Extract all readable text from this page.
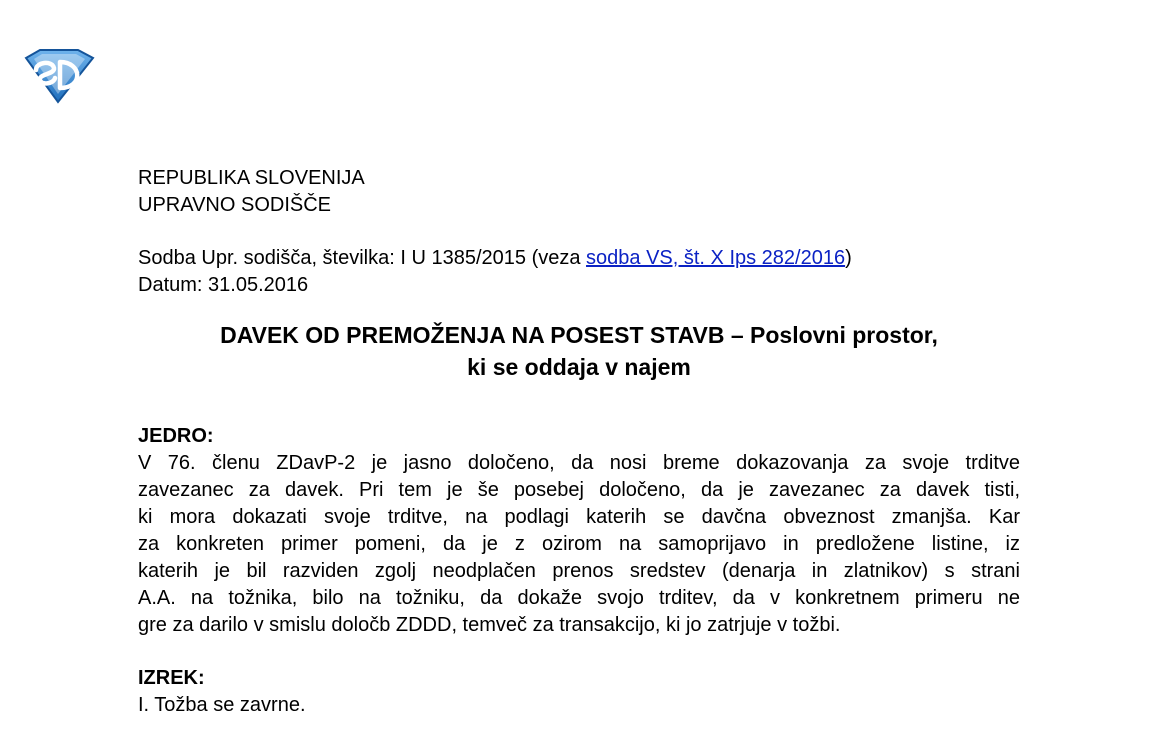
REPUBLIKA SLOVENIJA
UPRAVNO SODIŠČE
Sodba Upr. sodišča, številka: I U 1385/2015 (veza sodba VS, št. X Ips 282/2016)
Datum: 31.05.2016
DAVEK OD PREMOŽENJA NA POSEST STAVB – Poslovni prostor,
ki se oddaja v najem
JEDRO:
V 76. členu ZDavP-2 je jasno določeno, da nosi breme dokazovanja za svoje trditve
zavezanec za davek. Pri tem je še posebej določeno, da je zavezanec za davek tisti,
ki mora dokazati svoje trditve, na podlagi katerih se davčna obveznost zmanjša. Kar
za konkreten primer pomeni, da je z ozirom na samoprijavo in predložene listine, iz
katerih je bil razviden zgolj neodplačen prenos sredstev (denarja in zlatnikov) s strani
A.A. na tožnika, bilo na tožniku, da dokaže svojo trditev, da v konkretnem primeru ne
gre za darilo v smislu določb ZDDD, temveč za transakcijo, ki jo zatrjuje v tožbi.
IZREK:
I. Tožba se zavrne.
